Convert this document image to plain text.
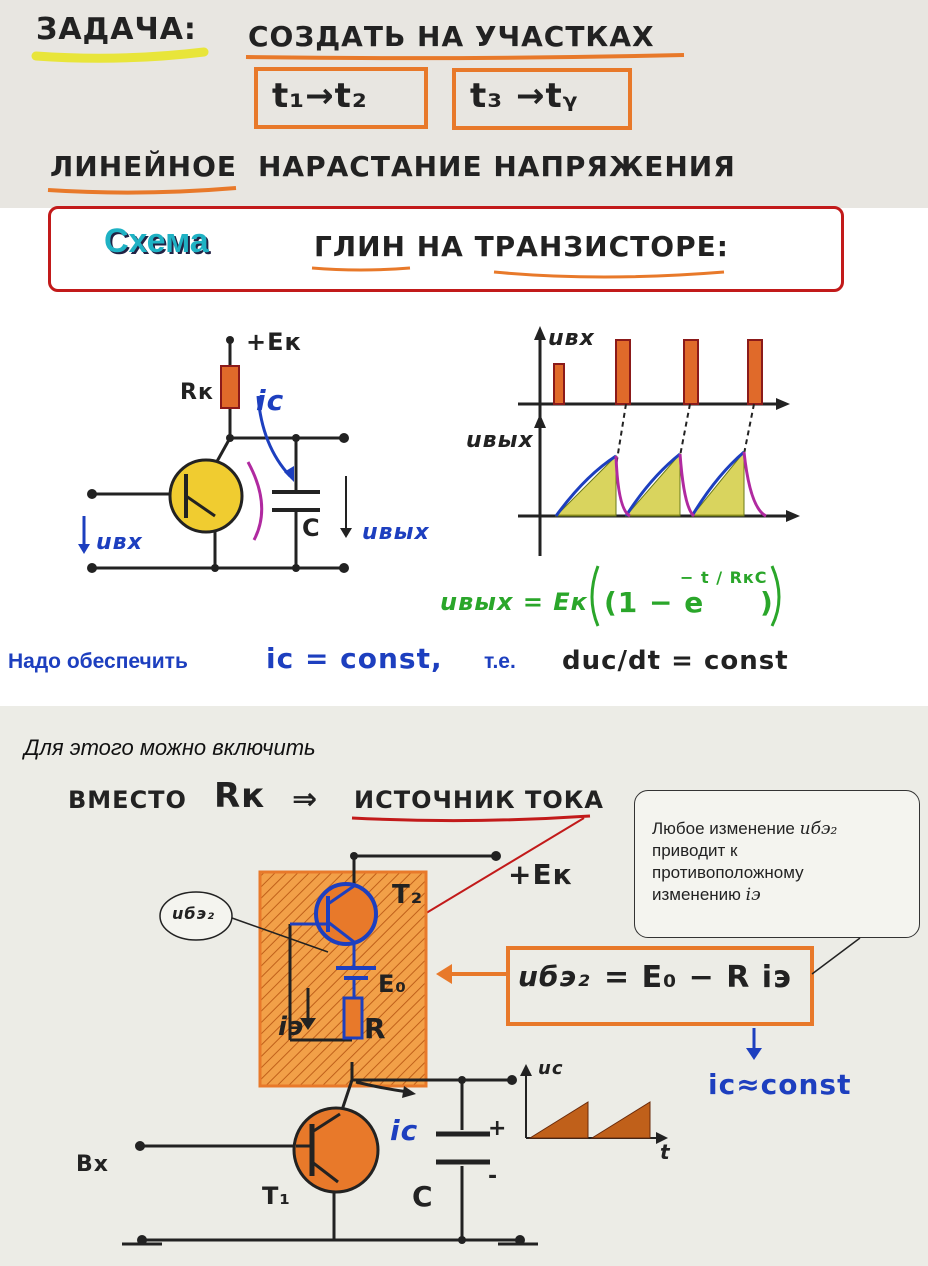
ЗАДАЧА: СОЗДАТЬ НА УЧАСТКАХ
t₁→t₂	t₃ →tᵧ
ЛИНЕЙНОЕ НАРАСТАНИЕ НАПРЯЖЕНИЯ
Схема	ГЛИН НА ТРАНЗИСТОРЕ:
+Eк
Rк iс
C
uвх	uвых
uвх
uвых
uвых = Eк (1 − e
− t / RкC
)
Надо обеспечить	iс = const, т.е. duс/dt = const
Для этого можно включить
ВМЕСТО Rк ⇒ ИСТОЧНИК ТОКА
Любое изменение uбэ₂
приводит к
противоположному
изменению iэ
+Eк
T₂
E₀
R
iэ
iс
C
+
-
Вх
T₁
uбэ₂
uбэ₂ = E₀ − R iэ
iс≈const
uс
t
